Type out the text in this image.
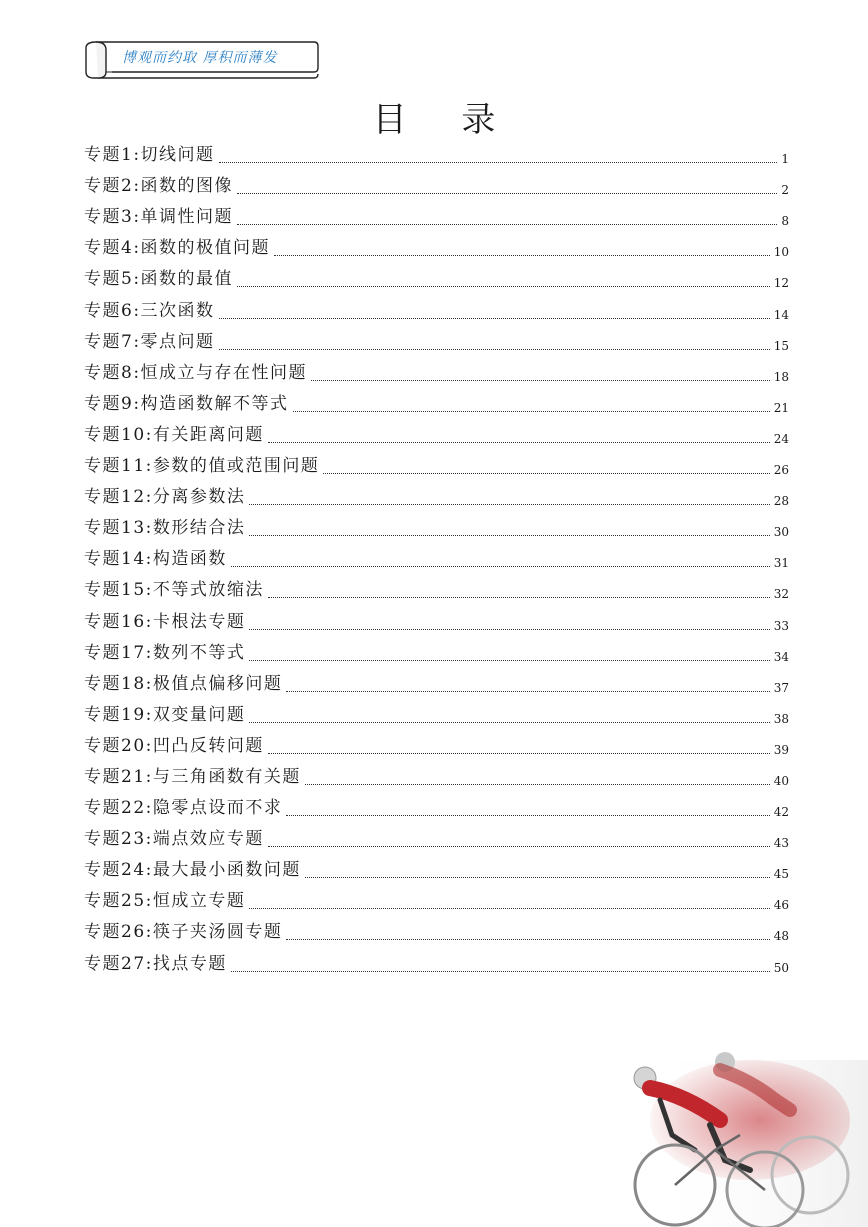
博观而约取 厚积而薄发
目 录
专题1:切线问题	1
专题2:函数的图像	2
专题3:单调性问题	8
专题4:函数的极值问题	10
专题5:函数的最值	12
专题6:三次函数	14
专题7:零点问题	15
专题8:恒成立与存在性问题	18
专题9:构造函数解不等式	21
专题10:有关距离问题	24
专题11:参数的值或范围问题	26
专题12:分离参数法	28
专题13:数形结合法	30
专题14:构造函数	31
专题15:不等式放缩法	32
专题16:卡根法专题	33
专题17:数列不等式	34
专题18:极值点偏移问题	37
专题19:双变量问题	38
专题20:凹凸反转问题	39
专题21:与三角函数有关题	40
专题22:隐零点设而不求	42
专题23:端点效应专题	43
专题24:最大最小函数问题	45
专题25:恒成立专题	46
专题26:筷子夹汤圆专题	48
专题27:找点专题	50
